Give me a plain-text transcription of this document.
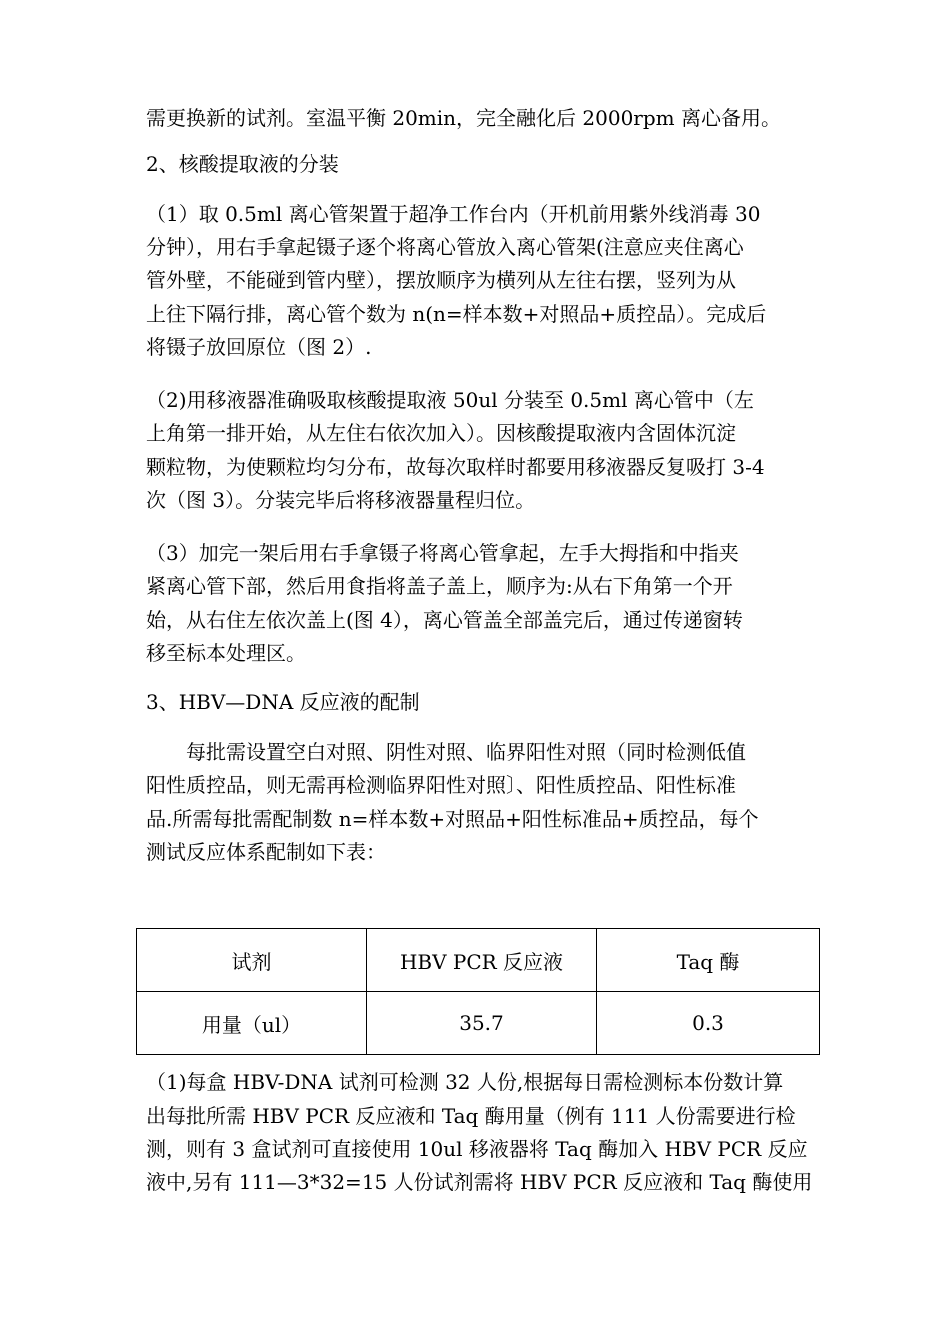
需更换新的试剂。室温平衡 20min，完全融化后 2000rpm 离心备用。
2、核酸提取液的分装
（1）取 0.5ml 离心管架置于超净工作台内（开机前用紫外线消毒 30
分钟），用右手拿起镊子逐个将离心管放入离心管架(注意应夹住离心
管外壁，不能碰到管内壁），摆放顺序为横列从左往右摆，竖列为从
上往下隔行排，离心管个数为 n(n=样本数+对照品+质控品）。完成后
将镊子放回原位（图 2）.
（2)用移液器准确吸取核酸提取液 50ul 分装至 0.5ml 离心管中（左
上角第一排开始，从左住右依次加入）。因核酸提取液内含固体沉淀
颗粒物，为使颗粒均匀分布，故每次取样时都要用移液器反复吸打 3-4
次（图 3）。分装完毕后将移液器量程归位。
（3）加完一架后用右手拿镊子将离心管拿起，左手大拇指和中指夹
紧离心管下部，然后用食指将盖子盖上，顺序为:从右下角第一个开
始，从右住左依次盖上(图 4），离心管盖全部盖完后，通过传递窗转
移至标本处理区。
3、HBV—DNA 反应液的配制
每批需设置空白对照、阴性对照、临界阳性对照（同时检测低值
阳性质控品，则无需再检测临界阳性对照〕、阳性质控品、阳性标准
品.所需每批需配制数 n=样本数+对照品+阳性标准品+质控品，每个
测试反应体系配制如下表：
试剂	HBV PCR 反应液	Taq 酶
用量（ul）	35.7	0.3
（1)每盒 HBV-DNA 试剂可检测 32 人份,根据每日需检测标本份数计算
出每批所需 HBV PCR 反应液和 Taq 酶用量（例有 111 人份需要进行检
测，则有 3 盒试剂可直接使用 10ul 移液器将 Taq 酶加入 HBV PCR 反应
液中,另有 111—3*32=15 人份试剂需将 HBV PCR 反应液和 Taq 酶使用
